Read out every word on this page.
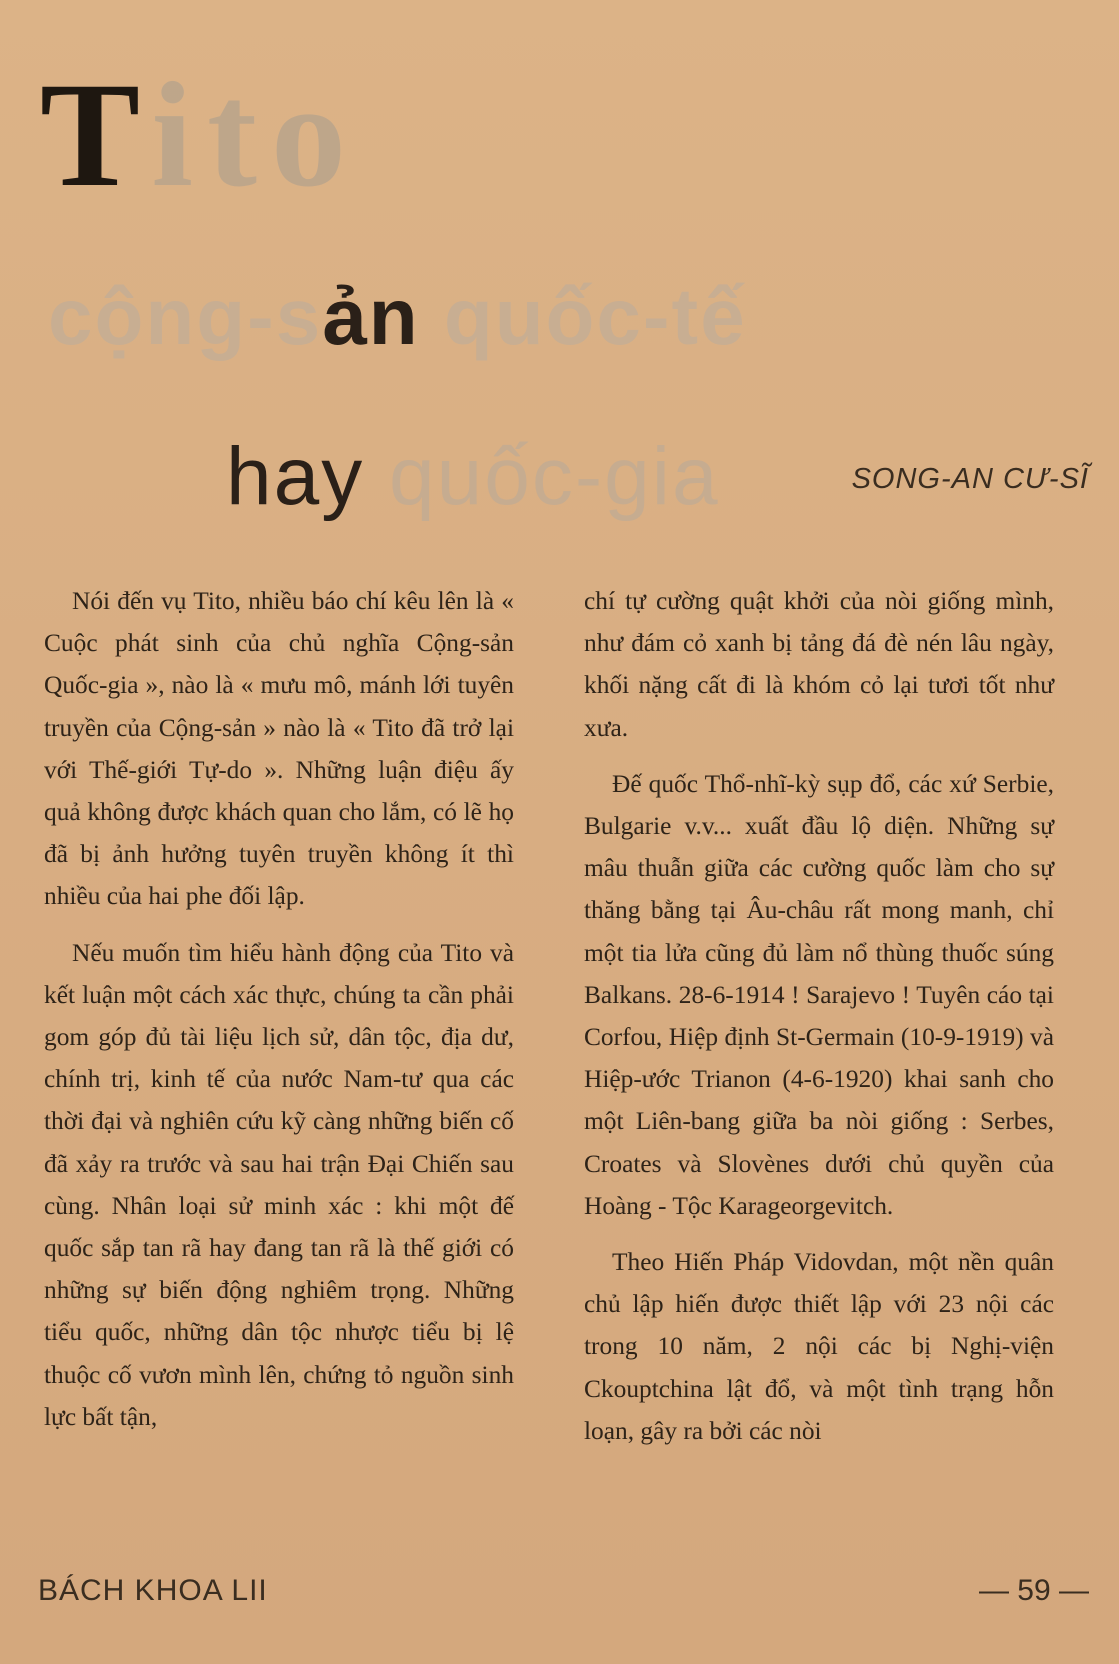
Tito
cộng-sản quốc-tế
hay quốc-gia	SONG-AN CƯ-SĨ

Nói đến vụ Tito, nhiều báo chí kêu lên là « Cuộc phát sinh của chủ nghĩa Cộng-sản Quốc-gia », nào là « mưu mô, mánh lới tuyên truyền của Cộng-sản » nào là « Tito đã trở lại với Thế-giới Tự-do ». Những luận điệu ấy quả không được khách quan cho lắm, có lẽ họ đã bị ảnh hưởng tuyên truyền không ít thì nhiều của hai phe đối lập.

Nếu muốn tìm hiểu hành động của Tito và kết luận một cách xác thực, chúng ta cần phải gom góp đủ tài liệu lịch sử, dân tộc, địa dư, chính trị, kinh tế của nước Nam-tư qua các thời đại và nghiên cứu kỹ càng những biến cố đã xảy ra trước và sau hai trận Đại Chiến sau cùng. Nhân loại sử minh xác : khi một đế quốc sắp tan rã hay đang tan rã là thế giới có những sự biến động nghiêm trọng. Những tiểu quốc, những dân tộc nhược tiểu bị lệ thuộc cố vươn mình lên, chứng tỏ nguồn sinh lực bất tận,

chí tự cường quật khởi của nòi giống mình, như đám cỏ xanh bị tảng đá đè nén lâu ngày, khối nặng cất đi là khóm cỏ lại tươi tốt như xưa.

Đế quốc Thổ-nhĩ-kỳ sụp đổ, các xứ Serbie, Bulgarie v.v... xuất đầu lộ diện. Những sự mâu thuẫn giữa các cường quốc làm cho sự thăng bằng tại Âu-châu rất mong manh, chỉ một tia lửa cũng đủ làm nổ thùng thuốc súng Balkans. 28-6-1914 ! Sarajevo ! Tuyên cáo tại Corfou, Hiệp định St-Germain (10-9-1919) và Hiệp-ước Trianon (4-6-1920) khai sanh cho một Liên-bang giữa ba nòi giống : Serbes, Croates và Slovènes dưới chủ quyền của Hoàng - Tộc Karageorgevitch.

Theo Hiến Pháp Vidovdan, một nền quân chủ lập hiến được thiết lập với 23 nội các trong 10 năm, 2 nội các bị Nghị-viện Ckouptchina lật đổ, và một tình trạng hỗn loạn, gây ra bởi các nòi

BÁCH KHOA LII	— 59 —
